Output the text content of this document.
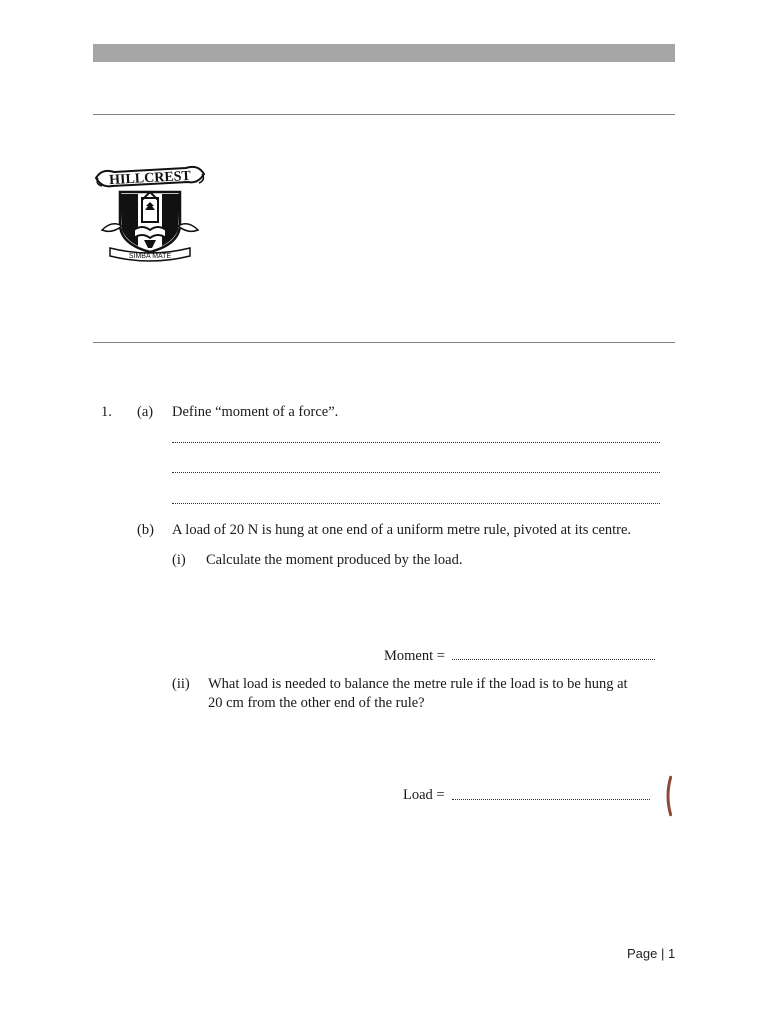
HILLCREST
SIMBA MATE
1. (a) Define “moment of a force”.
(b) A load of 20 N is hung at one end of a uniform metre rule, pivoted at its centre.
(i) Calculate the moment produced by the load.
Moment =
(ii) What load is needed to balance the metre rule if the load is to be hung at
20 cm from the other end of the rule?
Load =
Page | 1
